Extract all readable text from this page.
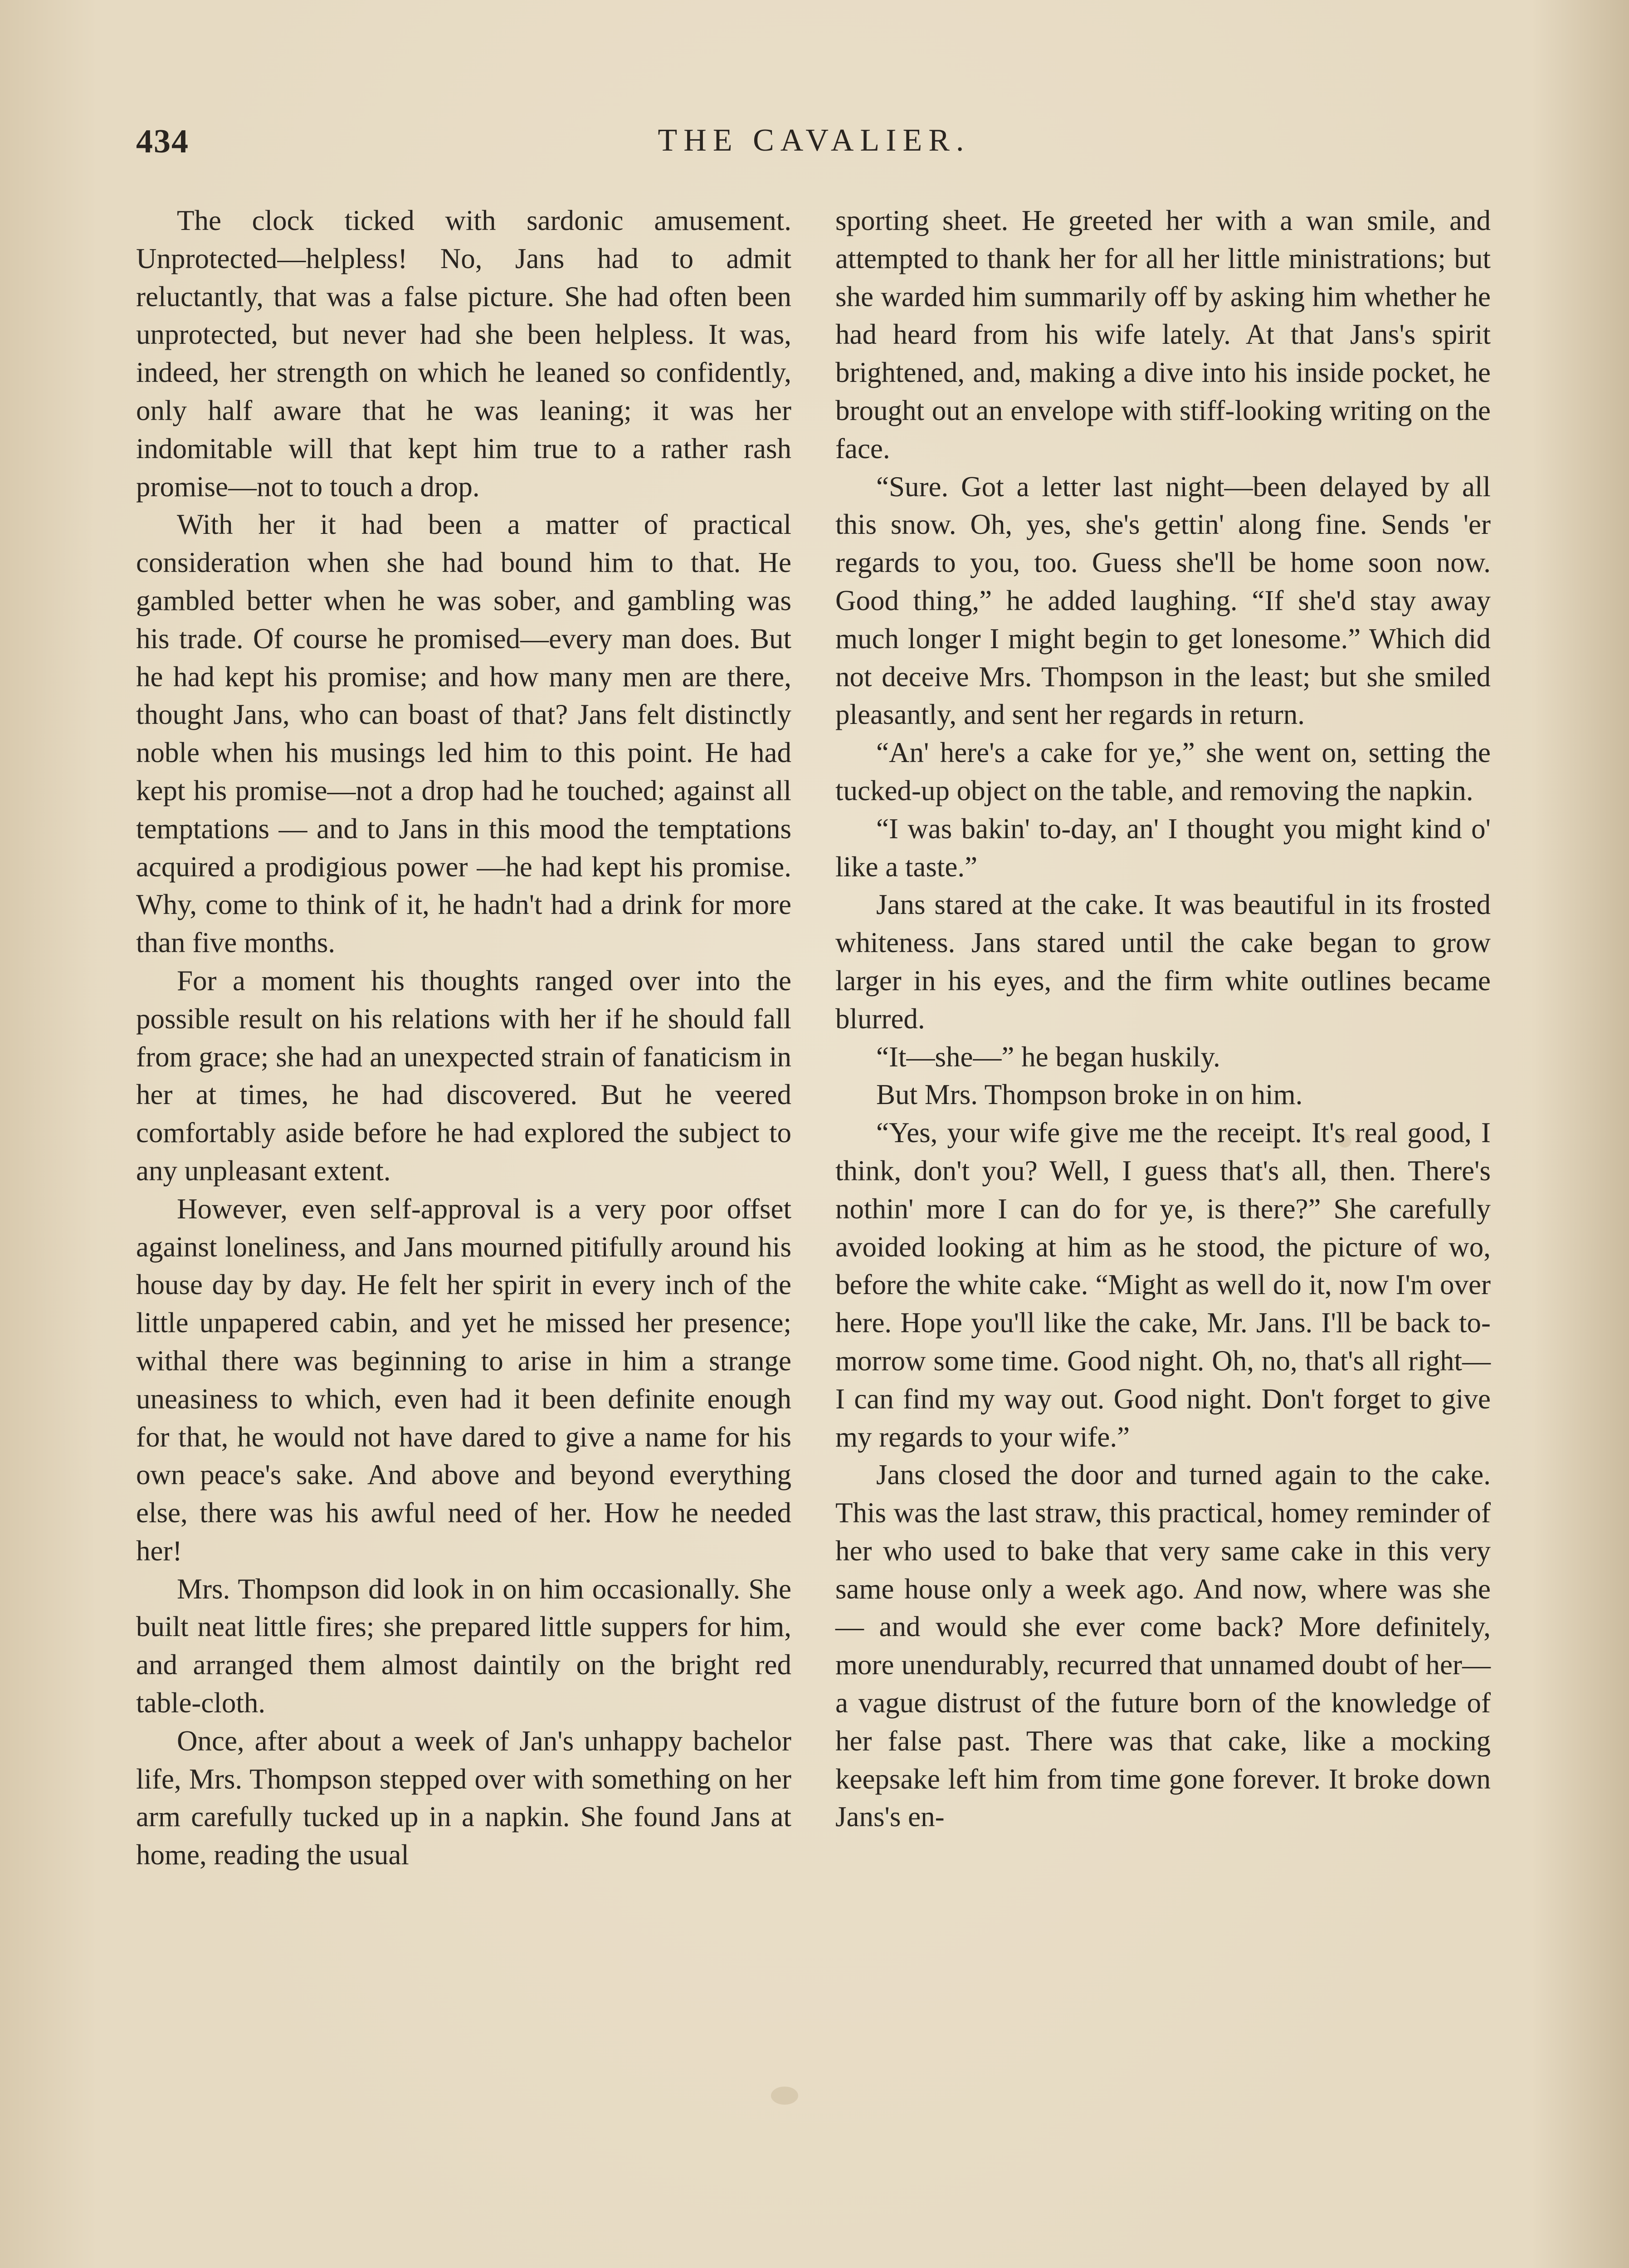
434	THE CAVALIER.

The clock ticked with sardonic amusement. Unprotected—helpless! No, Jans had to admit reluctantly, that was a false picture. She had often been unprotected, but never had she been helpless. It was, indeed, her strength on which he leaned so confidently, only half aware that he was leaning; it was her indomitable will that kept him true to a rather rash promise—not to touch a drop.

With her it had been a matter of practical consideration when she had bound him to that. He gambled better when he was sober, and gambling was his trade. Of course he promised—every man does. But he had kept his promise; and how many men are there, thought Jans, who can boast of that? Jans felt distinctly noble when his musings led him to this point. He had kept his promise—not a drop had he touched; against all temptations — and to Jans in this mood the temptations acquired a prodigious power —he had kept his promise. Why, come to think of it, he hadn't had a drink for more than five months.

For a moment his thoughts ranged over into the possible result on his relations with her if he should fall from grace; she had an unexpected strain of fanaticism in her at times, he had discovered. But he veered comfortably aside before he had explored the subject to any unpleasant extent.

However, even self-approval is a very poor offset against loneliness, and Jans mourned pitifully around his house day by day. He felt her spirit in every inch of the little unpapered cabin, and yet he missed her presence; withal there was beginning to arise in him a strange uneasiness to which, even had it been definite enough for that, he would not have dared to give a name for his own peace's sake. And above and beyond everything else, there was his awful need of her. How he needed her!

Mrs. Thompson did look in on him occasionally. She built neat little fires; she prepared little suppers for him, and arranged them almost daintily on the bright red table-cloth.

Once, after about a week of Jan's unhappy bachelor life, Mrs. Thompson stepped over with something on her arm carefully tucked up in a napkin. She found Jans at home, reading the usual

sporting sheet. He greeted her with a wan smile, and attempted to thank her for all her little ministrations; but she warded him summarily off by asking him whether he had heard from his wife lately. At that Jans's spirit brightened, and, making a dive into his inside pocket, he brought out an envelope with stiff-looking writing on the face.

“Sure. Got a letter last night—been delayed by all this snow. Oh, yes, she's gettin' along fine. Sends 'er regards to you, too. Guess she'll be home soon now. Good thing,” he added laughing. “If she'd stay away much longer I might begin to get lonesome.” Which did not deceive Mrs. Thompson in the least; but she smiled pleasantly, and sent her regards in return.

“An' here's a cake for ye,” she went on, setting the tucked-up object on the table, and removing the napkin.

“I was bakin' to-day, an' I thought you might kind o' like a taste.”

Jans stared at the cake. It was beautiful in its frosted whiteness. Jans stared until the cake began to grow larger in his eyes, and the firm white outlines became blurred.

“It—she—” he began huskily.

But Mrs. Thompson broke in on him.

“Yes, your wife give me the receipt. It's real good, I think, don't you? Well, I guess that's all, then. There's nothin' more I can do for ye, is there?” She carefully avoided looking at him as he stood, the picture of wo, before the white cake. “Might as well do it, now I'm over here. Hope you'll like the cake, Mr. Jans. I'll be back to-morrow some time. Good night. Oh, no, that's all right—I can find my way out. Good night. Don't forget to give my regards to your wife.”

Jans closed the door and turned again to the cake. This was the last straw, this practical, homey reminder of her who used to bake that very same cake in this very same house only a week ago. And now, where was she — and would she ever come back? More definitely, more unendurably, recurred that unnamed doubt of her—a vague distrust of the future born of the knowledge of her false past. There was that cake, like a mocking keepsake left him from time gone forever. It broke down Jans's en-
